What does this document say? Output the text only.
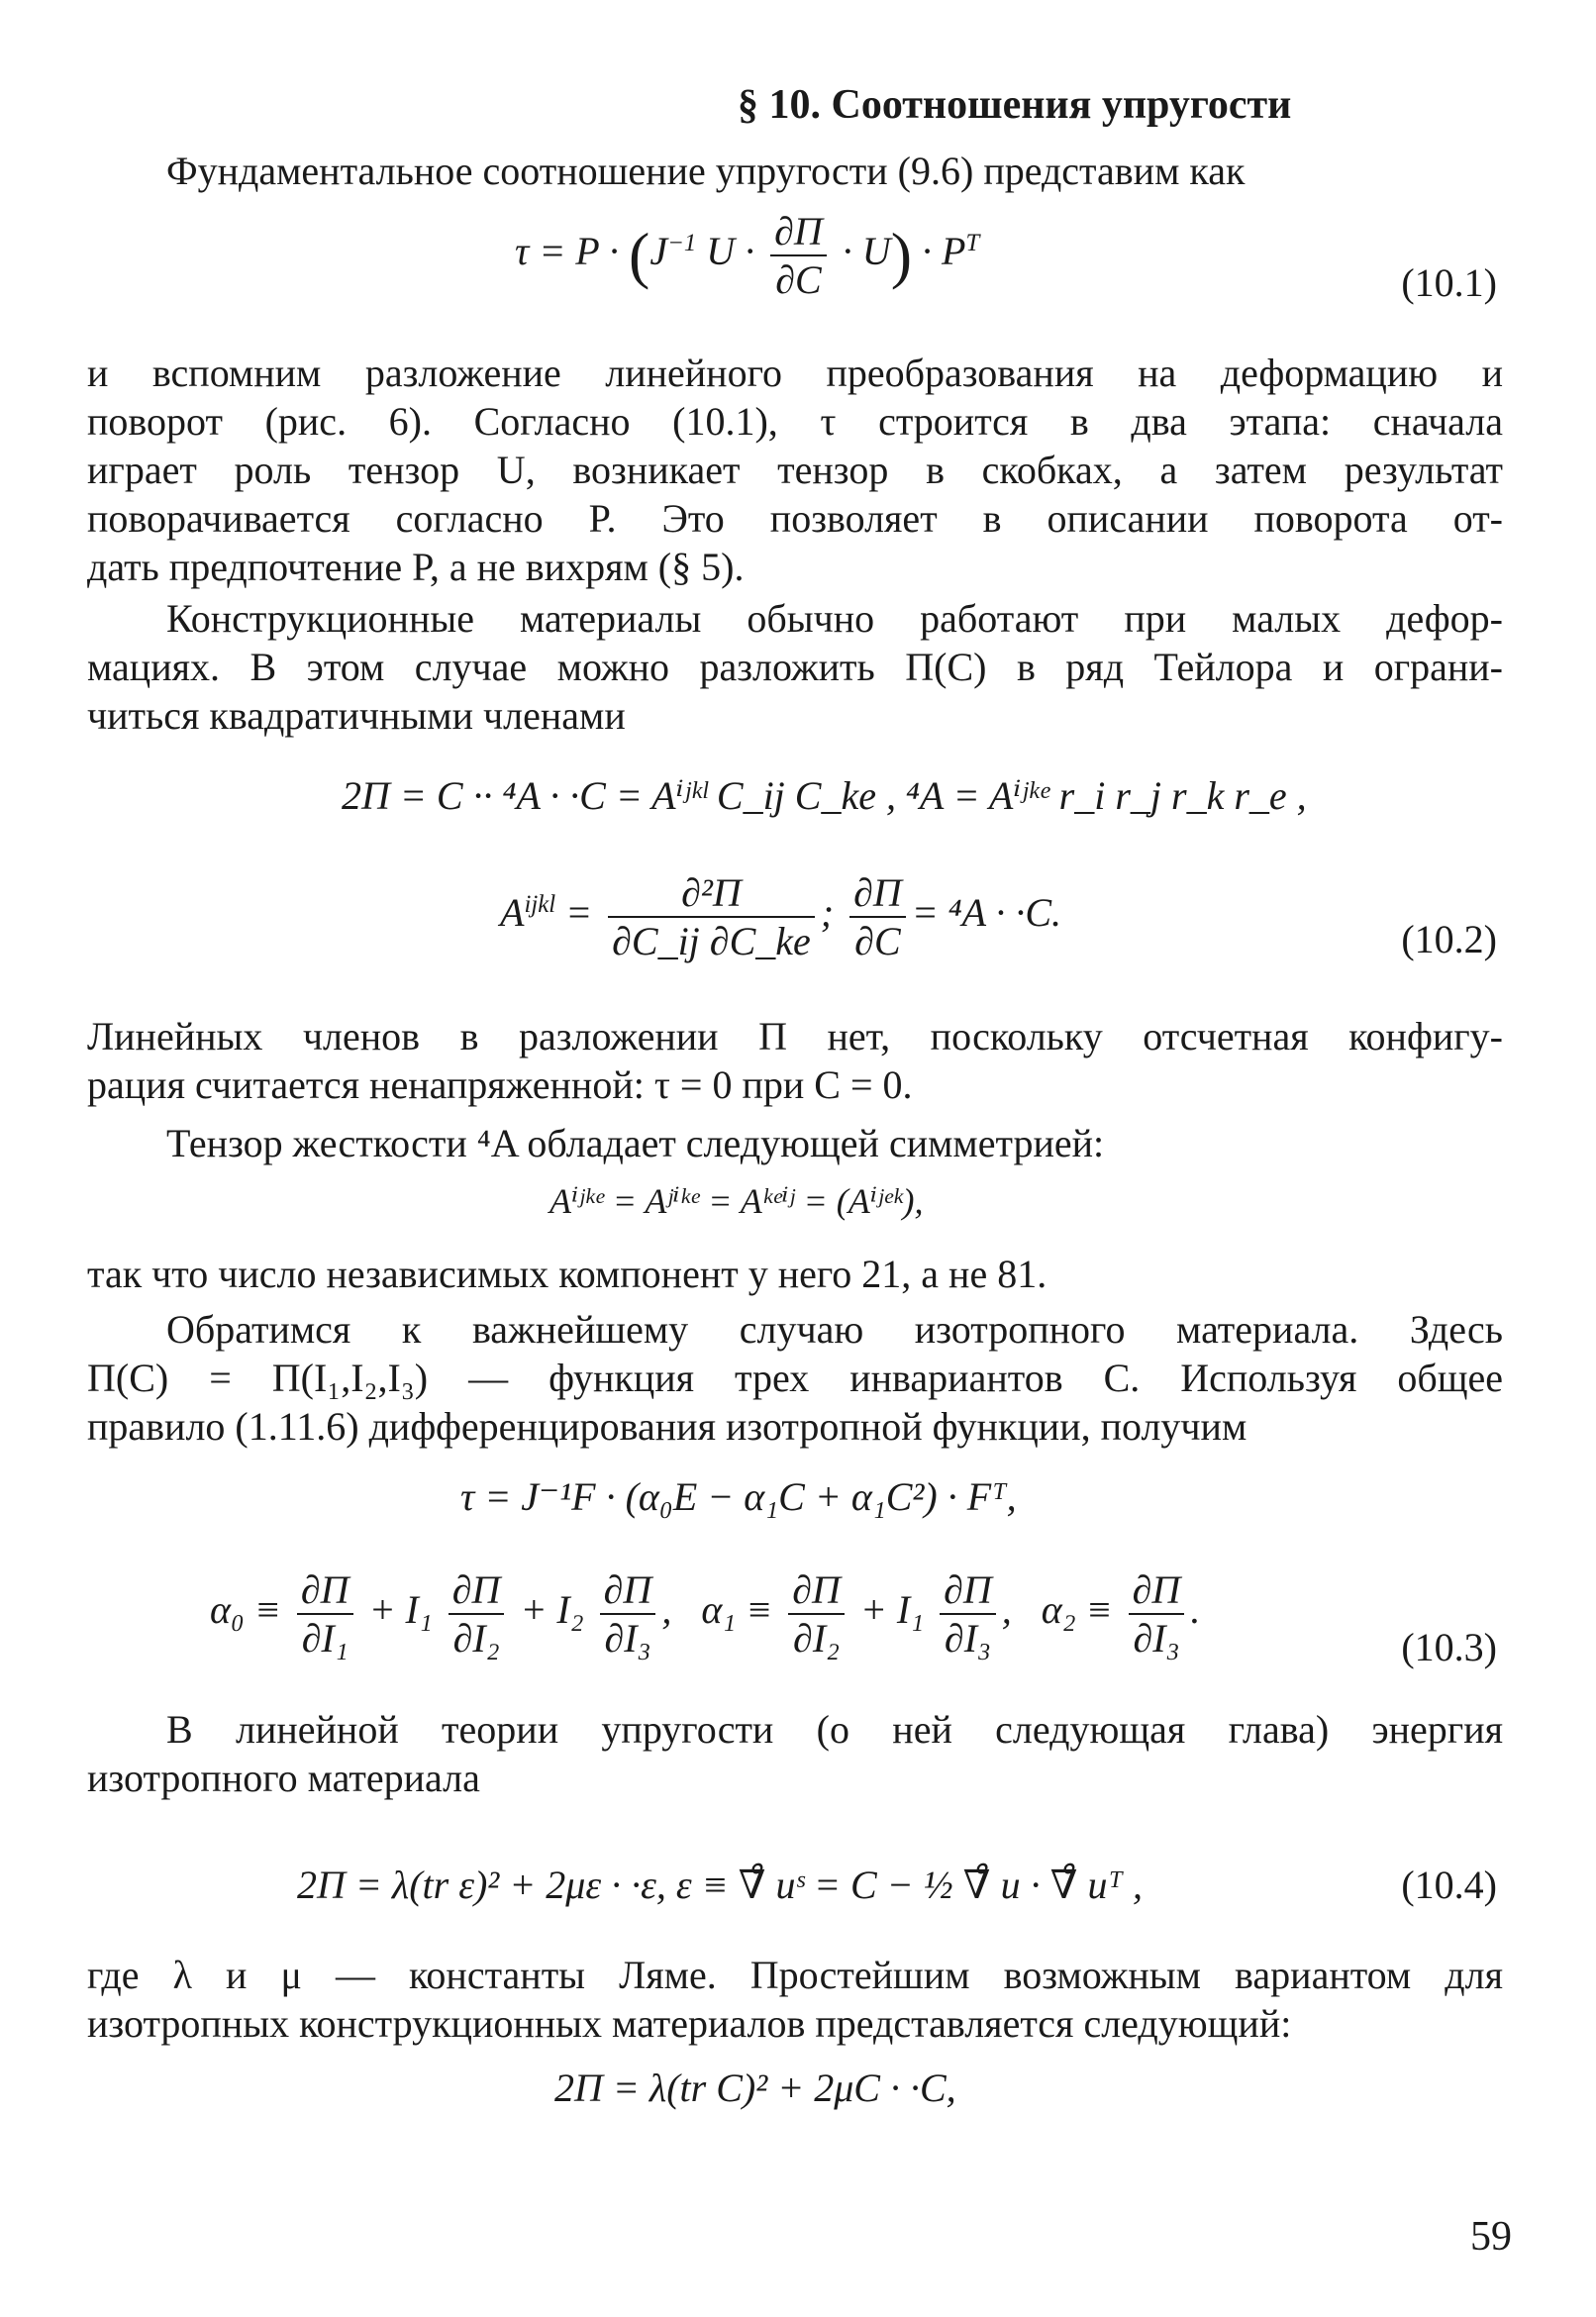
§ 10. Соотношения упругости
Фундаментальное соотношение упругости (9.6) представим как
$\tau = P \cdot (J^{-1}$ $U \cdot \frac{\partial П}{\partial C} \cdot U) \cdot P^T$
(10.1)
и вспомним разложение линейного преобразования на деформацию и
поворот (рис. 6). Согласно (10.1), τ строится в два этапа: сначала
играет роль тензор U, возникает тензор в скобках, а затем результат
поворачивается согласно P. Это позволяет в описании поворота от-
дать предпочтение P, а не вихрям (§ 5).
Конструкционные материалы обычно работают при малых дефор-
мациях. В этом случае можно разложить П(C) в ряд Тейлора и ограни-
читься квадратичными членами
2П = C ·· ⁴A · ·C = Aⁱʲᵏˡ C_ij C_ke , ⁴A = Aⁱʲᵏᵉ r_i r_j r_k r_e ,
$A^{ijkl} = \frac{\text{∂²П}}{\partial C\_ij \partial C\_ke}$ ; $\frac{\partial П}{\partial C} = ^4A \cdot \cdot C$.
(10.2)
Линейных членов в разложении П нет, поскольку отсчетная конфигу-
рация считается ненапряженной: τ = 0 при C = 0.
Тензор жесткости ⁴A обладает следующей симметрией:
Aⁱʲᵏᵉ = Aʲⁱᵏᵉ = Aᵏᵉⁱʲ = (Aⁱʲᵉᵏ),
так что число независимых компонент у него 21, а не 81.
Обратимся к важнейшему случаю изотропного материала. Здесь
П(C) = П(I₁,I₂,I₃) — функция трех инвариантов C. Используя общее
правило (1.11.6) дифференцирования изотропной функции, получим
τ = J⁻¹F · (α₀E − α₁C + α₁C²) · Fᵀ,
$\alpha_0 \equiv \frac{\partial П}{\text{∂I₁}} + I_1 \frac{\partial П}{\text{∂I₂}} + I_2 \frac{\partial П}{\text{∂I₃}}$ ,   $\alpha_1 \equiv \frac{\partial П}{\text{∂I₂}} + I_1 \frac{\partial П}{\text{∂I₃}}$ ,   $\alpha_2 \equiv \frac{\partial П}{\text{∂I₃}}$ .
(10.3)
В линейной теории упругости (о ней следующая глава) энергия
изотропного материала
2П = λ(tr ε)² + 2με · ·ε, ε ≡ ∇̊ uˢ = C − ½ ∇̊ u · ∇̊ uᵀ ,	(10.4)
где λ и μ — константы Ляме. Простейшим возможным вариантом для
изотропных конструкционных материалов представляется следующий:
2П = λ(tr C)² + 2μC · ·C,
59
